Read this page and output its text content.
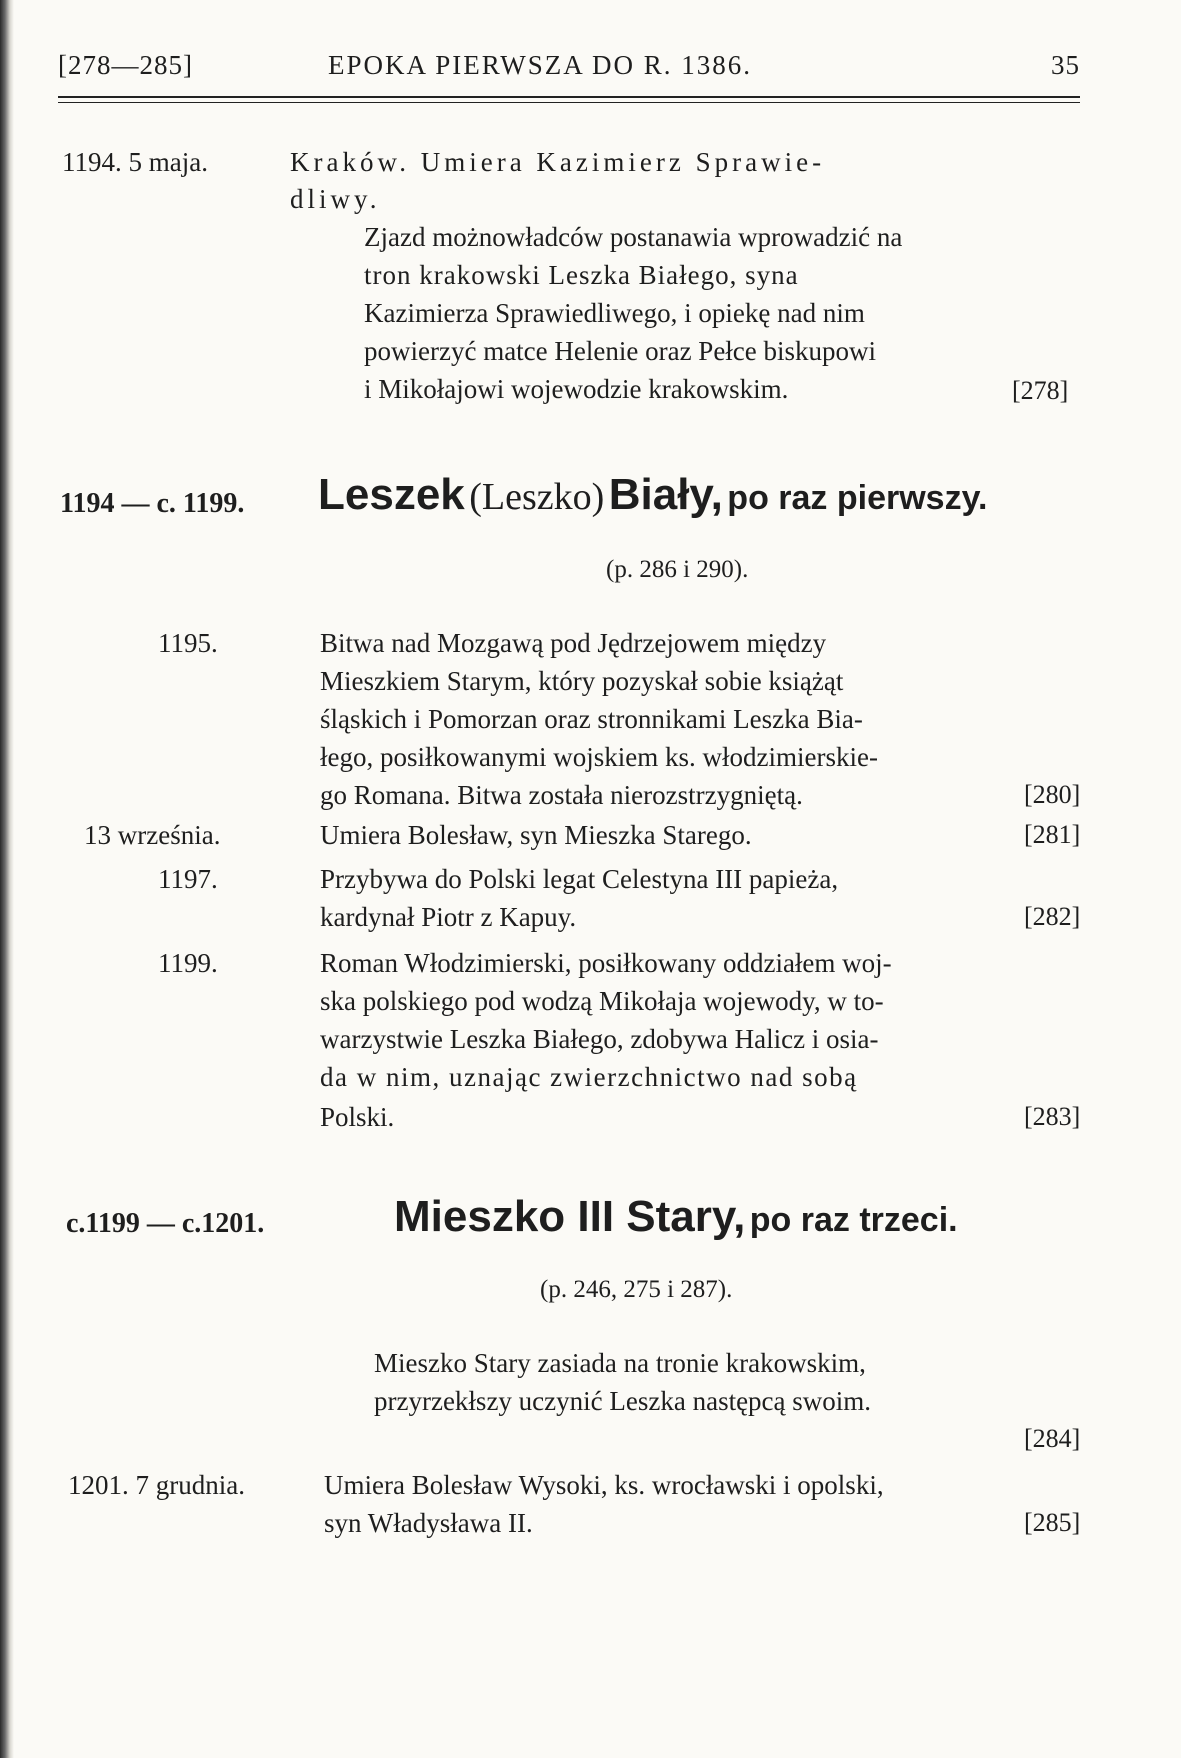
[278—285]	EPOKA PIERWSZA DO R. 1386.	35
1194. 5 maja.	Kraków. Umiera Kazimierz Sprawie-
dliwy.
Zjazd możnowładców postanawia wprowadzić na
tron krakowski Leszka Białego, syna
Kazimierza Sprawiedliwego, i opiekę nad nim
powierzyć matce Helenie oraz Pełce biskupowi
i Mikołajowi wojewodzie krakowskim.	[278]
1194 — c. 1199. Leszek (Leszko) Biały, po raz pierwszy.
(p. 286 i 290).
1195.	Bitwa nad Mozgawą pod Jędrzejowem między
Mieszkiem Starym, który pozyskał sobie książąt
śląskich i Pomorzan oraz stronnikami Leszka Bia-
łego, posiłkowanymi wojskiem ks. włodzimierskie-
go Romana. Bitwa została nierozstrzygniętą.	[280]
13 września.	Umiera Bolesław, syn Mieszka Starego.	[281]
1197.	Przybywa do Polski legat Celestyna III papieża,
kardynał Piotr z Kapuy.	[282]
1199.	Roman Włodzimierski, posiłkowany oddziałem woj-
ska polskiego pod wodzą Mikołaja wojewody, w to-
warzystwie Leszka Białego, zdobywa Halicz i osia-
da w nim, uznając zwierzchnictwo nad sobą
Polski.	[283]
c.1199 — c.1201.	Mieszko III Stary, po raz trzeci.
(p. 246, 275 i 287).
Mieszko Stary zasiada na tronie krakowskim,
przyrzekłszy uczynić Leszka następcą swoim.
[284]
1201. 7 grudnia.	Umiera Bolesław Wysoki, ks. wrocławski i opolski,
syn Władysława II.	[285]
